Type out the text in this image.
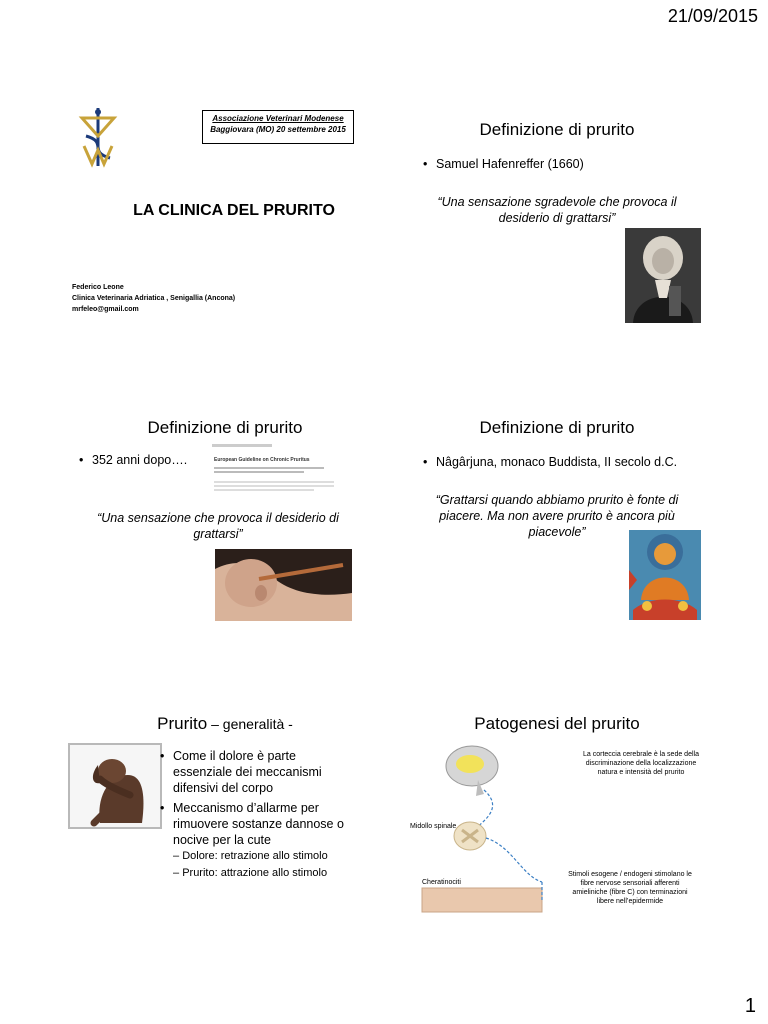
21/09/2015
1
Associazione Veterinari Modenese
Baggiovara (MO) 20 settembre 2015
LA CLINICA DEL PRURITO
Federico Leone
Clinica Veterinaria Adriatica , Senigallia (Ancona)
mrfeleo@gmail.com
Definizione di prurito
• Samuel Hafenreffer (1660)
“Una sensazione sgradevole che provoca il desiderio di grattarsi”
Definizione di prurito
• 352 anni dopo….	European Guideline on Chronic Pruritus
“Una sensazione che provoca il desiderio di grattarsi”
Definizione di prurito
• Nâgârjuna, monaco Buddista, II secolo d.C.
“Grattarsi quando abbiamo prurito è fonte di piacere. Ma non avere prurito è ancora più piacevole”
Prurito – generalità -
• Come il dolore è parte essenziale dei meccanismi difensivi del corpo
• Meccanismo d’allarme per rimuovere sostanze dannose o nocive per la cute
– Dolore: retrazione allo stimolo
– Prurito: attrazione allo stimolo
Patogenesi del prurito
La corteccia cerebrale è la sede della discriminazione della localizzazione natura e intensità del prurito
Midollo spinale
Cheratinociti
Stimoli esogene / endogeni stimolano le fibre nervose sensoriali afferenti amieliniche (fibre C) con terminazioni libere nell’epidermide
